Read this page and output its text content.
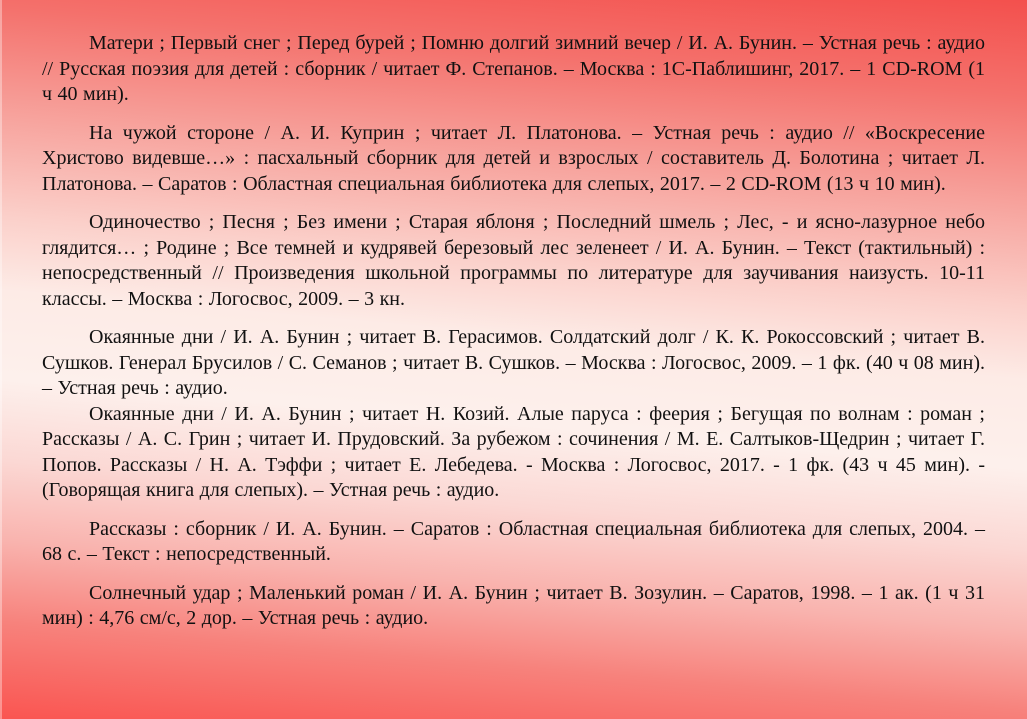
Матери ; Первый снег ; Перед бурей ; Помню долгий зимний вечер / И. А. Бунин. – Устная речь : аудио // Русская поэзия для детей : сборник / читает Ф. Степанов. – Москва : 1С-Паблишинг, 2017. – 1 CD-ROM (1 ч 40 мин).

На чужой стороне / А. И. Куприн ; читает Л. Платонова. – Устная речь : аудио // «Воскресение Христово видевше…» : пасхальный сборник для детей и взрослых / составитель Д. Болотина ; читает Л. Платонова. – Саратов : Областная специальная библиотека для слепых, 2017. – 2 CD-ROM (13 ч 10 мин).

Одиночество ; Песня ; Без имени ; Старая яблоня ; Последний шмель ; Лес, - и ясно-лазурное небо глядится… ; Родине ; Все темней и кудрявей березовый лес зеленеет / И. А. Бунин. – Текст (тактильный) : непосредственный // Произведения школьной программы по литературе для заучивания наизусть. 10-11 классы. – Москва : Логосвос, 2009. – 3 кн.

Окаянные дни / И. А. Бунин ; читает В. Герасимов. Солдатский долг / К. К. Рокоссовский ; читает В. Сушков. Генерал Брусилов / С. Семанов ; читает В. Сушков. – Москва : Логосвос, 2009. – 1 фк. (40 ч 08 мин). – Устная речь : аудио.

Окаянные дни / И. А. Бунин ; читает Н. Козий. Алые паруса : феерия ; Бегущая по волнам : роман ; Рассказы / А. С. Грин ; читает И. Прудовский. За рубежом : сочинения / М. Е. Салтыков-Щедрин ; читает Г. Попов. Рассказы / Н. А. Тэффи ; читает Е. Лебедева. - Москва : Логосвос, 2017. - 1 фк. (43 ч 45 мин). - (Говорящая книга для слепых). – Устная речь : аудио.

Рассказы : сборник / И. А. Бунин. – Саратов : Областная специальная библиотека для слепых, 2004. – 68 с. – Текст : непосредственный.

Солнечный удар ; Маленький роман / И. А. Бунин ; читает В. Зозулин. – Саратов, 1998. – 1 ак. (1 ч 31 мин) : 4,76 см/с, 2 дор. – Устная речь : аудио.
